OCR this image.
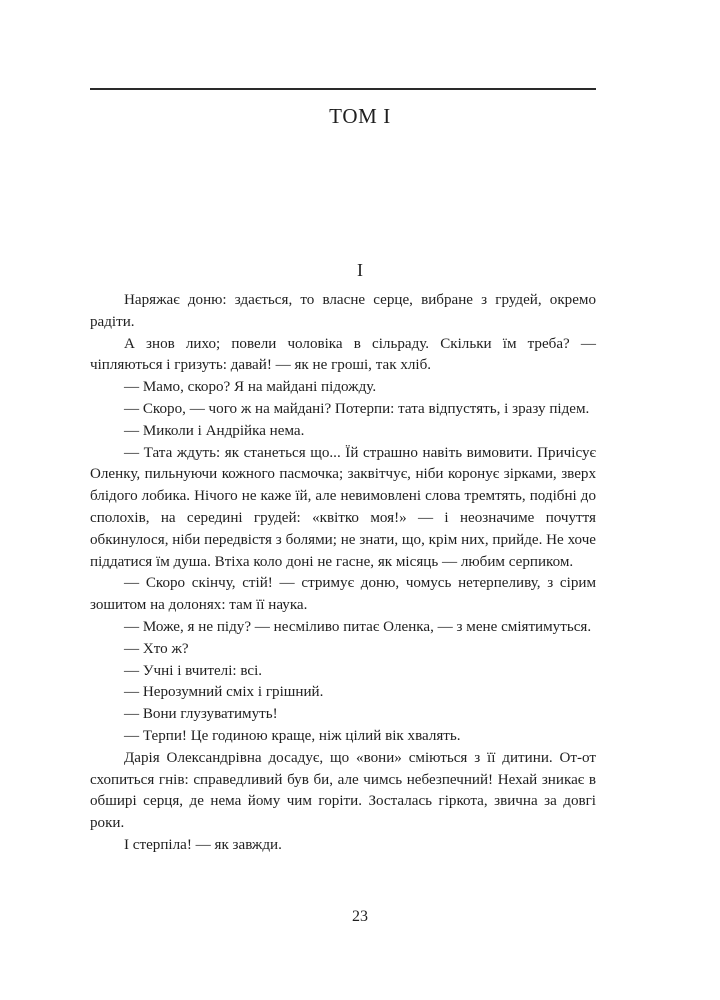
ТОМ І
I

Наряжає доню: здається, то власне серце, вибране з грудей, окремо радіти.

А знов лихо; повели чоловіка в сільраду. Скільки їм треба? — чіпляються і гризуть: давай! — як не гроші, так хліб.

— Мамо, скоро? Я на майдані підожду.

— Скоро, — чого ж на майдані? Потерпи: тата відпустять, і зразу підем.

— Миколи і Андрійка нема.

— Тата ждуть: як станеться що... Їй страшно навіть вимовити. Причісує Оленку, пильнуючи кожного пасмочка; заквітчує, ніби коронує зірками, зверх блідого лобика. Нічого не каже їй, але невимовлені слова тремтять, подібні до сполохів, на середині грудей: «квітко моя!» — і неозначиме почуття обкинулося, ніби передвістя з болями; не знати, що, крім них, прийде. Не хоче піддатися їм душа. Втіха коло доні не гасне, як місяць — любим серпиком.

— Скоро скінчу, стій! — стримує доню, чомусь нетерпеливу, з сірим зошитом на долонях: там її наука.

— Може, я не піду? — несміливо питає Оленка, — з мене сміятимуться.

— Хто ж?

— Учні і вчителі: всі.

— Нерозумний сміх і грішний.

— Вони глузуватимуть!

— Терпи! Це годиною краще, ніж цілий вік хвалять.

Дарія Олександрівна досадує, що «вони» сміються з її дитини. От-от схопиться гнів: справедливий був би, але чимсь небезпечний! Нехай зникає в обширі серця, де нема йому чим горіти. Зосталась гіркота, звична за довгі роки.

І стерпіла! — як завжди.

23
